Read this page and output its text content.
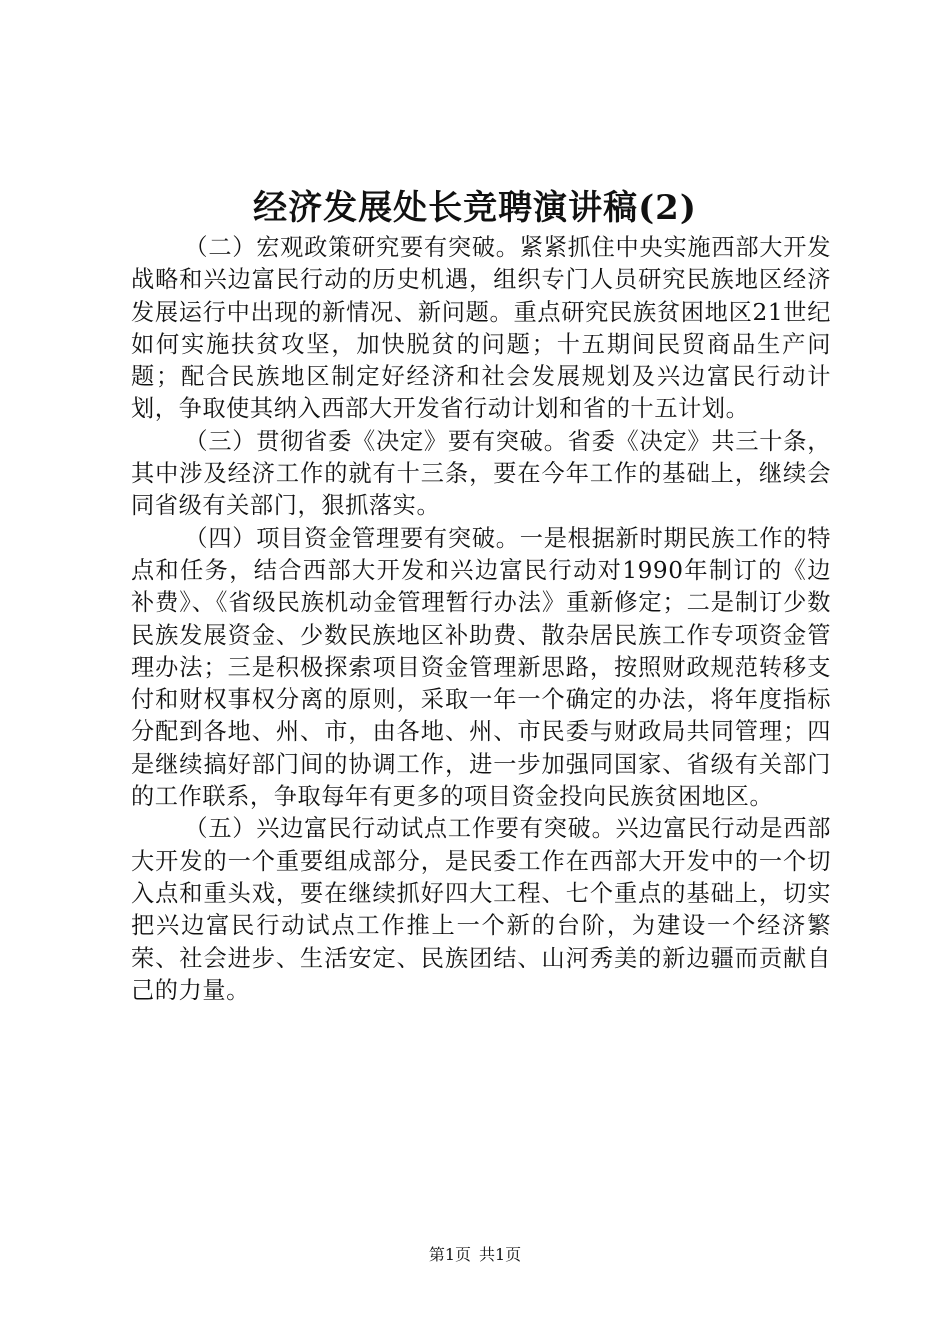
经济发展处长竞聘演讲稿(2)

（二）宏观政策研究要有突破。紧紧抓住中央实施西部大开发战略和兴边富民行动的历史机遇，组织专门人员研究民族地区经济发展运行中出现的新情况、新问题。重点研究民族贫困地区21世纪如何实施扶贫攻坚，加快脱贫的问题；十五期间民贸商品生产问题；配合民族地区制定好经济和社会发展规划及兴边富民行动计划，争取使其纳入西部大开发省行动计划和省的十五计划。

（三）贯彻省委《决定》要有突破。省委《决定》共三十条，其中涉及经济工作的就有十三条，要在今年工作的基础上，继续会同省级有关部门，狠抓落实。

（四）项目资金管理要有突破。一是根据新时期民族工作的特点和任务，结合西部大开发和兴边富民行动对1990年制订的《边补费》、《省级民族机动金管理暂行办法》重新修定；二是制订少数民族发展资金、少数民族地区补助费、散杂居民族工作专项资金管理办法；三是积极探索项目资金管理新思路，按照财政规范转移支付和财权事权分离的原则，采取一年一个确定的办法，将年度指标分配到各地、州、市，由各地、州、市民委与财政局共同管理；四是继续搞好部门间的协调工作，进一步加强同国家、省级有关部门的工作联系，争取每年有更多的项目资金投向民族贫困地区。

（五）兴边富民行动试点工作要有突破。兴边富民行动是西部大开发的一个重要组成部分，是民委工作在西部大开发中的一个切入点和重头戏，要在继续抓好四大工程、七个重点的基础上，切实把兴边富民行动试点工作推上一个新的台阶，为建设一个经济繁荣、社会进步、生活安定、民族团结、山河秀美的新边疆而贡献自己的力量。

第1页 共1页
